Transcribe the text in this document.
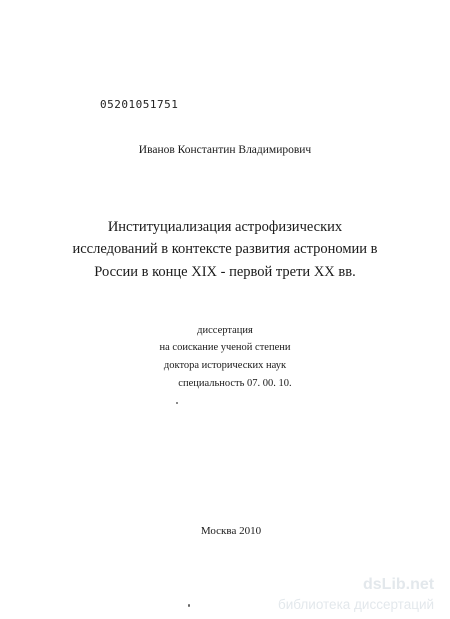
05201051751
Иванов Константин Владимирович
Институциализация астрофизических
исследований в контексте развития астрономии в
России в конце XIX - первой трети XX вв.
диссертация
на соискание ученой степени
доктора исторических наук
специальность 07. 00. 10.
Москва 2010
dsLib.net
библиотека диссертаций
